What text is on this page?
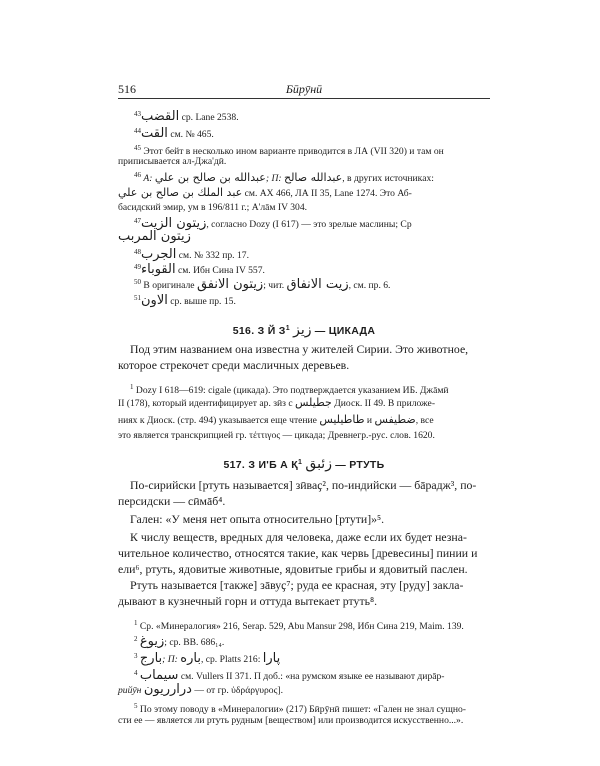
516	Бӣрӯнӣ
$^{43}$القضب ср. Lane 2538.
$^{44}$القت см. № 465.
$^{45}$ Этот бейт в несколько ином варианте приводится в ЛА (VII 320) и там он
приписывается ал-Джа'дӣ.
$^{46}$ А: عبدالله بن صالح بن علي; П: عبدالله صالح, в других источниках:
عبد الملك بن صالح بن علي см. АХ 466, ЛА II 35, Lane 1274. Это Аб-
басидский эмир, ум в 196/811 г.; А'лāм IV 304.
$^{47}$زيتون الزيت, согласно Dozy (I 617) — это зрелые маслины; Ср
زيتون المربب
$^{48}$الجرب см. № 332 пр. 17.
$^{49}$القوباء см. Ибн Сина IV 557.
$^{50}$ В оригинале زيتون الانفق; чит. زيت الانفاق, см. пр. 6.
$^{51}$الاون ср. выше пр. 15.
516. З Й $З^1$ زيز — ЦИКАДА
Под этим названием она известна у жителей Сирии. Это животное,
которое стрекочет среди масличных деревьев.
$^1$ Dozy I 618—619: cigale (цикада). Это подтверждается указанием ИБ. Джāмӣ
II (178), который идентифицирует ар. зӣз с جطيلس Диоск. II 49. В приложе-
ниях к Диоск. (стр. 494) указывается еще чтение طاطيليس и ضطيفس, все
это является транскрипцией гр. τέττιγος — цикада; Древнегр.-рус. слов. 1620.
517. З И'Б А $Қ^1$ زئبق — РТУТЬ
По-сирийски [ртуть называется] зӣваҫ², по-индийски — бāрадж³, по-
персидски — сӣмāб⁴.
Гален: «У меня нет опыта относительно [ртути]»⁵.
К числу веществ, вредных для человека, даже если их будет незна-
чительное количество, относятся такие, как червь [древесины] пинии и
ели⁶, ртуть, ядовитые животные, ядовитые грибы и ядовитый паслен.
Ртуть называется [также] зāвуҫ⁷; руда ее красная, эту [руду] заклa-
дывают в кузнечный горн и оттуда вытекает ртуть⁸.
$^1$ Ср. «Минералогия» 216, Serap. 529, Abu Mansur 298, Ибн Сина 219, Maim. 139.
$^2$ زيوغ; ср. BB. 686₁₄.
$^3$ بارج; П: باره, ср. Platts 216: پارا
$^4$ سيماب см. Vullers II 371. П доб.: «на румском языке ее называют дирāр-
рийӯн درارريون — от гр. ὑδράργυρος].
$^5$ По этому поводу в «Минералогии» (217) Бӣрӯнӣ пишет: «Гален не знал сущно-
сти ее — является ли ртуть рудным [веществом] или производится искусственно...».
